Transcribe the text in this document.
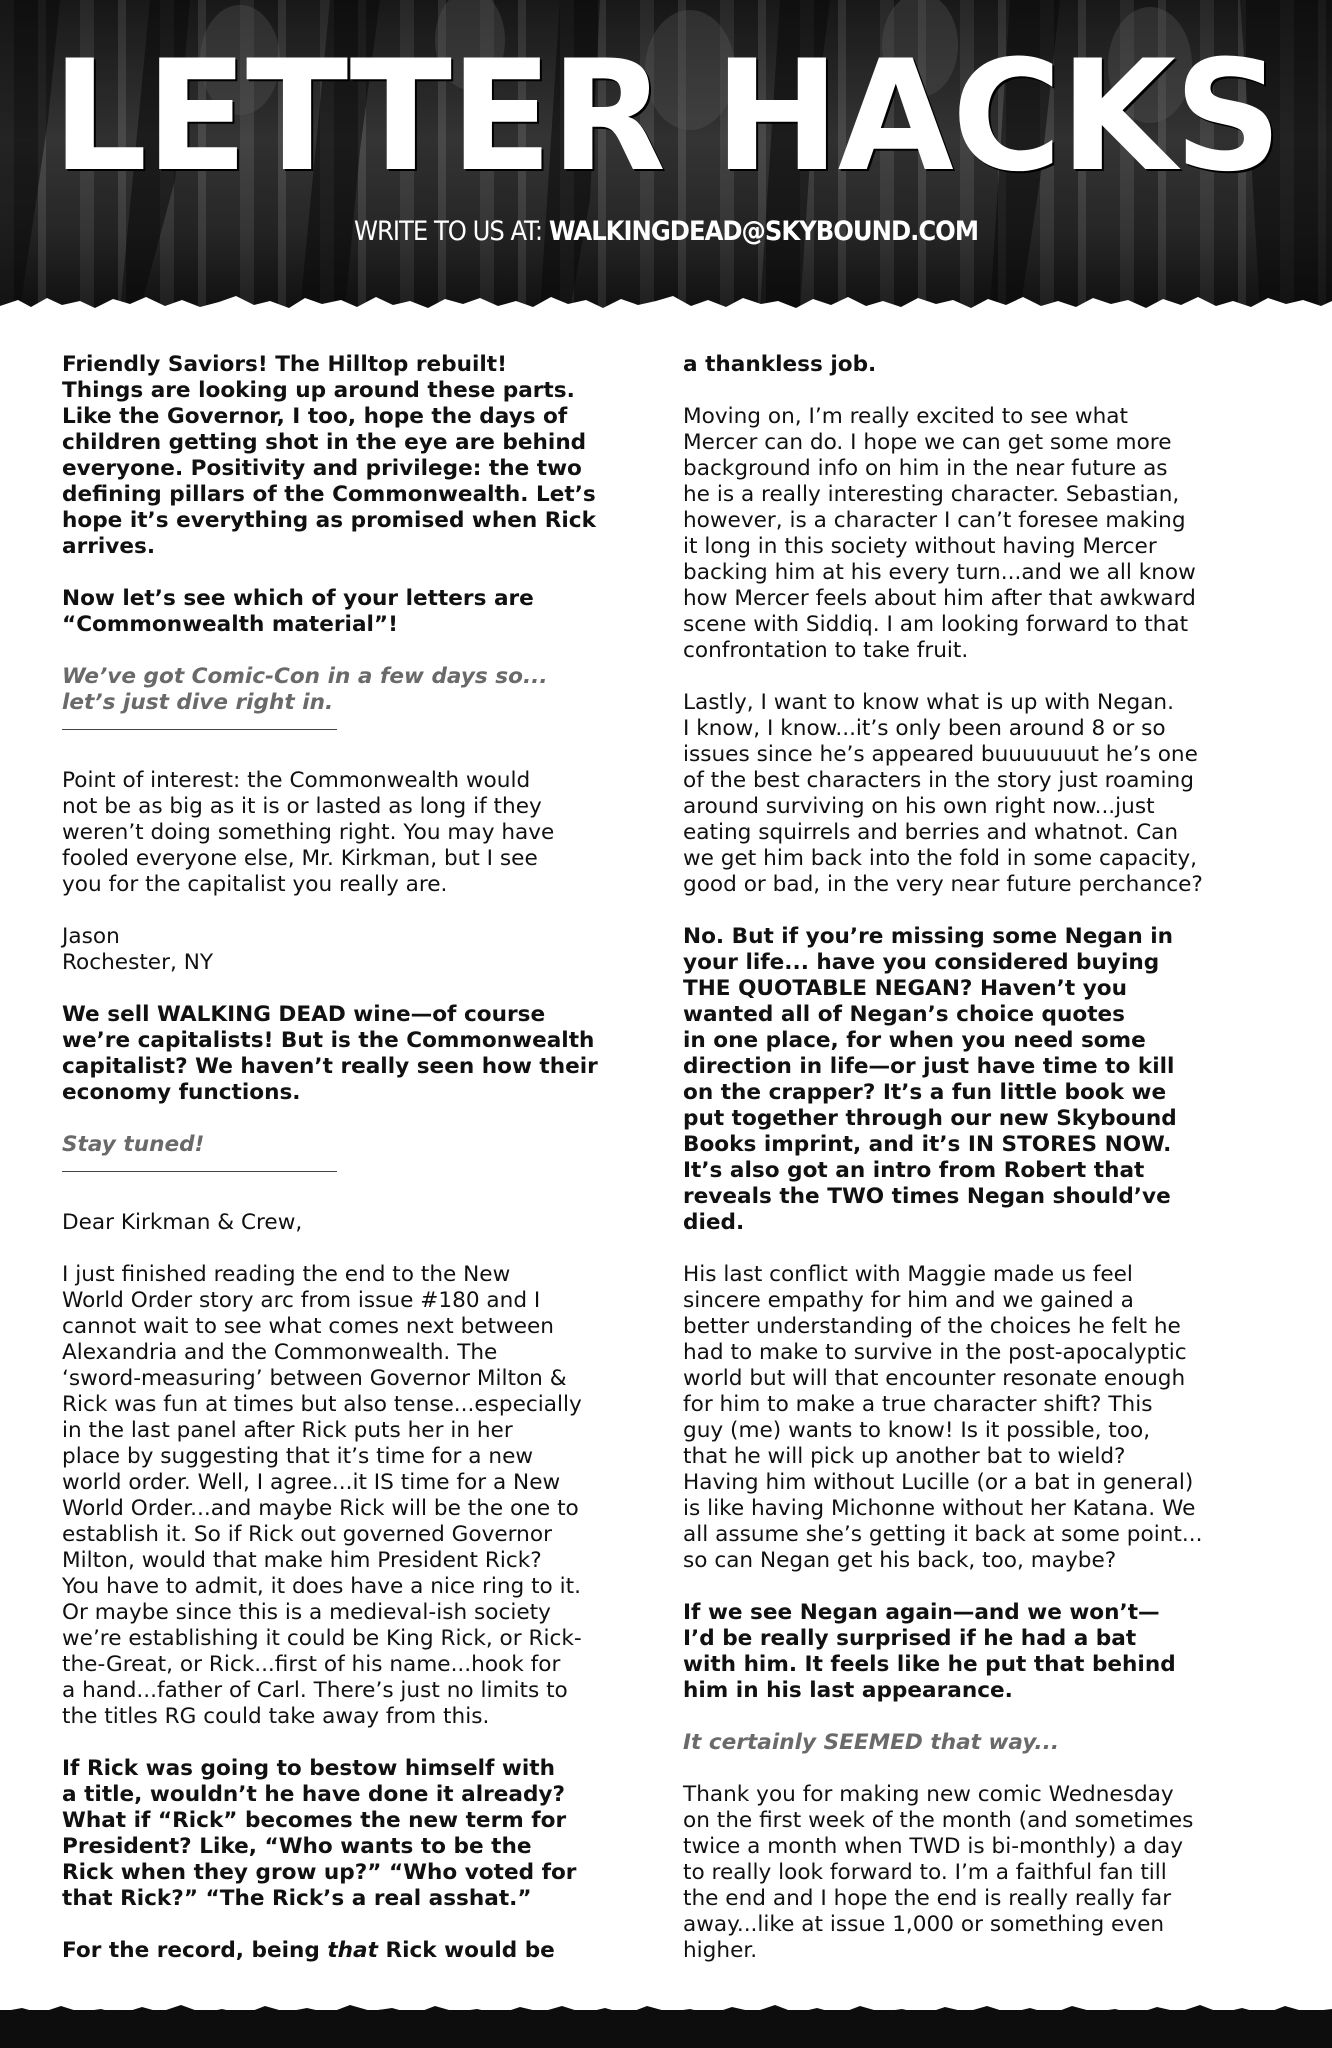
LETTER HACKS
WRITE TO US AT: WALKINGDEAD@SKYBOUND.COM
Friendly Saviors! The Hilltop rebuilt!
Things are looking up around these parts.
Like the Governor, I too, hope the days of
children getting shot in the eye are behind
everyone. Positivity and privilege: the two
defining pillars of the Commonwealth. Let’s
hope it’s everything as promised when Rick
arrives.
Now let’s see which of your letters are
“Commonwealth material”!
We’ve got Comic-Con in a few days so...
let’s just dive right in.
Point of interest: the Commonwealth would
not be as big as it is or lasted as long if they
weren’t doing something right. You may have
fooled everyone else, Mr. Kirkman, but I see
you for the capitalist you really are.
Jason
Rochester, NY
We sell WALKING DEAD wine—of course
we’re capitalists! But is the Commonwealth
capitalist? We haven’t really seen how their
economy functions.
Stay tuned!
Dear Kirkman & Crew,
I just finished reading the end to the New
World Order story arc from issue #180 and I
cannot wait to see what comes next between
Alexandria and the Commonwealth. The
‘sword-measuring’ between Governor Milton &
Rick was fun at times but also tense...especially
in the last panel after Rick puts her in her
place by suggesting that it’s time for a new
world order. Well, I agree...it IS time for a New
World Order...and maybe Rick will be the one to
establish it. So if Rick out governed Governor
Milton, would that make him President Rick?
You have to admit, it does have a nice ring to it.
Or maybe since this is a medieval-ish society
we’re establishing it could be King Rick, or Rick-
the-Great, or Rick...first of his name...hook for
a hand...father of Carl. There’s just no limits to
the titles RG could take away from this.
If Rick was going to bestow himself with
a title, wouldn’t he have done it already?
What if “Rick” becomes the new term for
President? Like, “Who wants to be the
Rick when they grow up?” “Who voted for
that Rick?” “The Rick’s a real asshat.”
For the record, being that Rick would be
a thankless job.
Moving on, I’m really excited to see what
Mercer can do. I hope we can get some more
background info on him in the near future as
he is a really interesting character. Sebastian,
however, is a character I can’t foresee making
it long in this society without having Mercer
backing him at his every turn...and we all know
how Mercer feels about him after that awkward
scene with Siddiq. I am looking forward to that
confrontation to take fruit.
Lastly, I want to know what is up with Negan.
I know, I know...it’s only been around 8 or so
issues since he’s appeared buuuuuuut he’s one
of the best characters in the story just roaming
around surviving on his own right now...just
eating squirrels and berries and whatnot. Can
we get him back into the fold in some capacity,
good or bad, in the very near future perchance?
No. But if you’re missing some Negan in
your life... have you considered buying
THE QUOTABLE NEGAN? Haven’t you
wanted all of Negan’s choice quotes
in one place, for when you need some
direction in life—or just have time to kill
on the crapper? It’s a fun little book we
put together through our new Skybound
Books imprint, and it’s IN STORES NOW.
It’s also got an intro from Robert that
reveals the TWO times Negan should’ve
died.
His last conflict with Maggie made us feel
sincere empathy for him and we gained a
better understanding of the choices he felt he
had to make to survive in the post-apocalyptic
world but will that encounter resonate enough
for him to make a true character shift? This
guy (me) wants to know! Is it possible, too,
that he will pick up another bat to wield?
Having him without Lucille (or a bat in general)
is like having Michonne without her Katana. We
all assume she’s getting it back at some point...
so can Negan get his back, too, maybe?
If we see Negan again—and we won’t—
I’d be really surprised if he had a bat
with him. It feels like he put that behind
him in his last appearance.
It certainly SEEMED that way...
Thank you for making new comic Wednesday
on the first week of the month (and sometimes
twice a month when TWD is bi-monthly) a day
to really look forward to. I’m a faithful fan till
the end and I hope the end is really really far
away...like at issue 1,000 or something even
higher.
